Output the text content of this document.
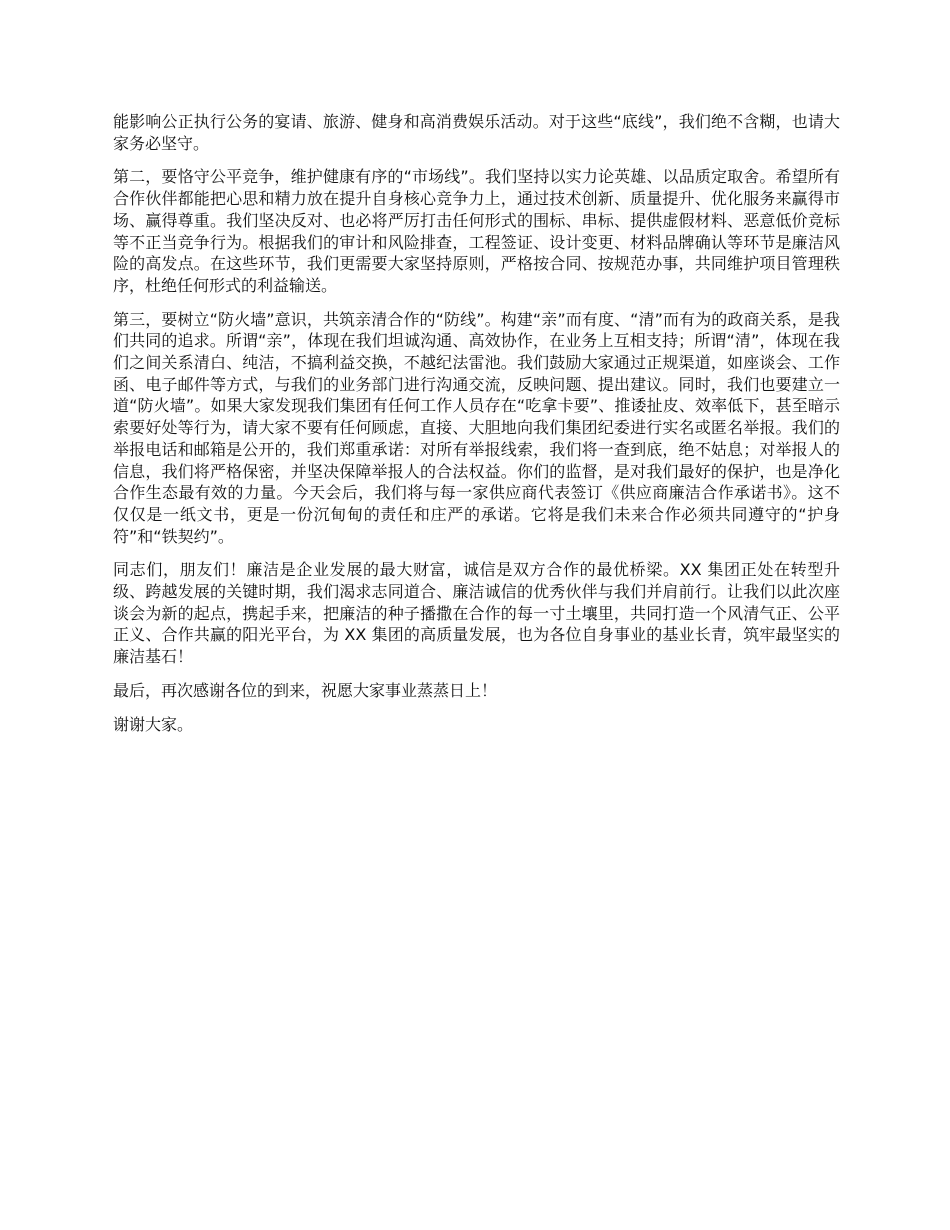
能影响公正执行公务的宴请、旅游、健身和高消费娱乐活动。对于这些“底线”，我们绝不含糊，也请大家务必坚守。

第二，要恪守公平竞争，维护健康有序的“市场线”。我们坚持以实力论英雄、以品质定取舍。希望所有合作伙伴都能把心思和精力放在提升自身核心竞争力上，通过技术创新、质量提升、优化服务来赢得市场、赢得尊重。我们坚决反对、也必将严厉打击任何形式的围标、串标、提供虚假材料、恶意低价竞标等不正当竞争行为。根据我们的审计和风险排查，工程签证、设计变更、材料品牌确认等环节是廉洁风险的高发点。在这些环节，我们更需要大家坚持原则，严格按合同、按规范办事，共同维护项目管理秩序，杜绝任何形式的利益输送。

第三，要树立“防火墙”意识，共筑亲清合作的“防线”。构建“亲”而有度、“清”而有为的政商关系，是我们共同的追求。所谓“亲”，体现在我们坦诚沟通、高效协作，在业务上互相支持；所谓“清”，体现在我们之间关系清白、纯洁，不搞利益交换，不越纪法雷池。我们鼓励大家通过正规渠道，如座谈会、工作函、电子邮件等方式，与我们的业务部门进行沟通交流，反映问题、提出建议。同时，我们也要建立一道“防火墙”。如果大家发现我们集团有任何工作人员存在“吃拿卡要”、推诿扯皮、效率低下，甚至暗示索要好处等行为，请大家不要有任何顾虑，直接、大胆地向我们集团纪委进行实名或匿名举报。我们的举报电话和邮箱是公开的，我们郑重承诺：对所有举报线索，我们将一查到底，绝不姑息；对举报人的信息，我们将严格保密，并坚决保障举报人的合法权益。你们的监督，是对我们最好的保护，也是净化合作生态最有效的力量。今天会后，我们将与每一家供应商代表签订《供应商廉洁合作承诺书》。这不仅仅是一纸文书，更是一份沉甸甸的责任和庄严的承诺。它将是我们未来合作必须共同遵守的“护身符”和“铁契约”。

同志们，朋友们！廉洁是企业发展的最大财富，诚信是双方合作的最优桥梁。XX 集团正处在转型升级、跨越发展的关键时期，我们渴求志同道合、廉洁诚信的优秀伙伴与我们并肩前行。让我们以此次座谈会为新的起点，携起手来，把廉洁的种子播撒在合作的每一寸土壤里，共同打造一个风清气正、公平正义、合作共赢的阳光平台，为 XX 集团的高质量发展，也为各位自身事业的基业长青，筑牢最坚实的廉洁基石！

最后，再次感谢各位的到来，祝愿大家事业蒸蒸日上！

谢谢大家。
